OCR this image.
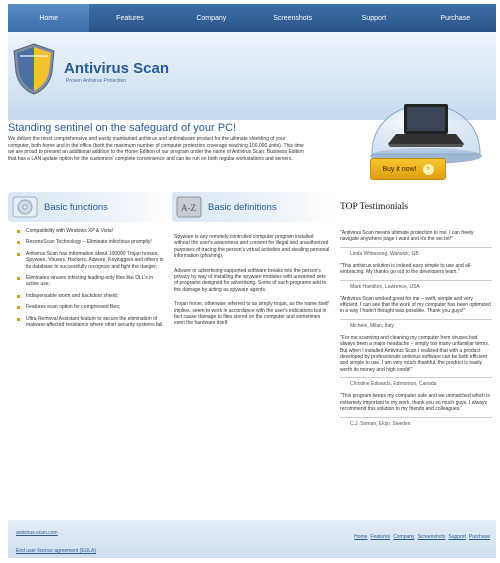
Home	Features	Company	Screenshots	Support	Purchase
Antivirus Scan
Proven Antivirus Protection
Standing sentinel on the safeguard of your PC!
We deliver the most comprehensive and easily maintained antivirus and antimalware product for the ultimate shielding of your computer, both home and in the office (both the maximum number of computer protection coverage reaching 100,000 units). This time we are proud to present an additional addition to the Home Edition of our program under the name of Antivirus Scan: Business Edition that has a LAN update option for the customers' complete convenience and can be run on both regular workstations and servers.
Buy it now!	»
Basic functions
Compatibility with Windows XP & Vista!
ResoneScan Technology – Eliminate infectious promptly!
Antivirus Scan has information about 100000 Trojan horses, Spyware, Viruses, Hackers, Adware, Keyloggers and others in its database to successfully recognize and fight the danger;
Eliminates viruses infecting leading-only files like DLL's in active use;
Indispensable worm and backdoor shield;
Features scan option for compressed files;
Ultra Removal Assistant feature to secure the elimination of malware-affected resistance where other security systems fail.
A-Z Basic definitions

Spyware is any remotely controlled computer program installed without the user's awareness and consent for illegal and unauthorized purposes of tracing the person's virtual activities and stealing personal information (phishing).

Adware or advertising-supported software breaks into the person's privacy by way of installing the spyware modules with unwanted sets of programs designed for advertising. Some of such programs add to the damage by acting as spyware agents.

Trojan horse, otherwise referred to as simply trojan, as the name itself implies, seem to work in accordance with the user's indications but in fact cause damage to files stored on the computer and sometimes even the hardware itself.

TOP Testimonials
"Antivirus Scan means ultimate protection to me. I can freely navigate anywhere page I want and it's the secret!"
Linda Whitesong, Warwick, GB
"This antivirus solution is indeed easy simple to use and all-embracing. My thanks go out to the developers team."
Mark Hamilton, Lawrence, USA
"Antivirus Scan worked great for me – swift, simple and very efficient. I can see that the work of my computer has been optimized in a way I hadn't thought was possible. Thank you guys!"
Michele, Milan, Italy
"For me scanning and cleaning my computer from viruses had always been a major headache – simply too many unfamiliar terms. But when I installed Antivirus Scan I realized that with a product developed by professionals antivirus software can be both efficient and simple to use. I am very much thankful, the product is easily worth its money and high credit!"
Christine Edwards, Edmonton, Canada
"This program keeps my computer safe and we unmatched which is extremely important to my work, thank you so much guys, I always recommend this solution to my friends and colleagues."
C.J. Soman, Ekijo, Sweden
antivirus-scan.com
End user licence agreement (EULA)
Home Features Company Screenshots Support Purchase
